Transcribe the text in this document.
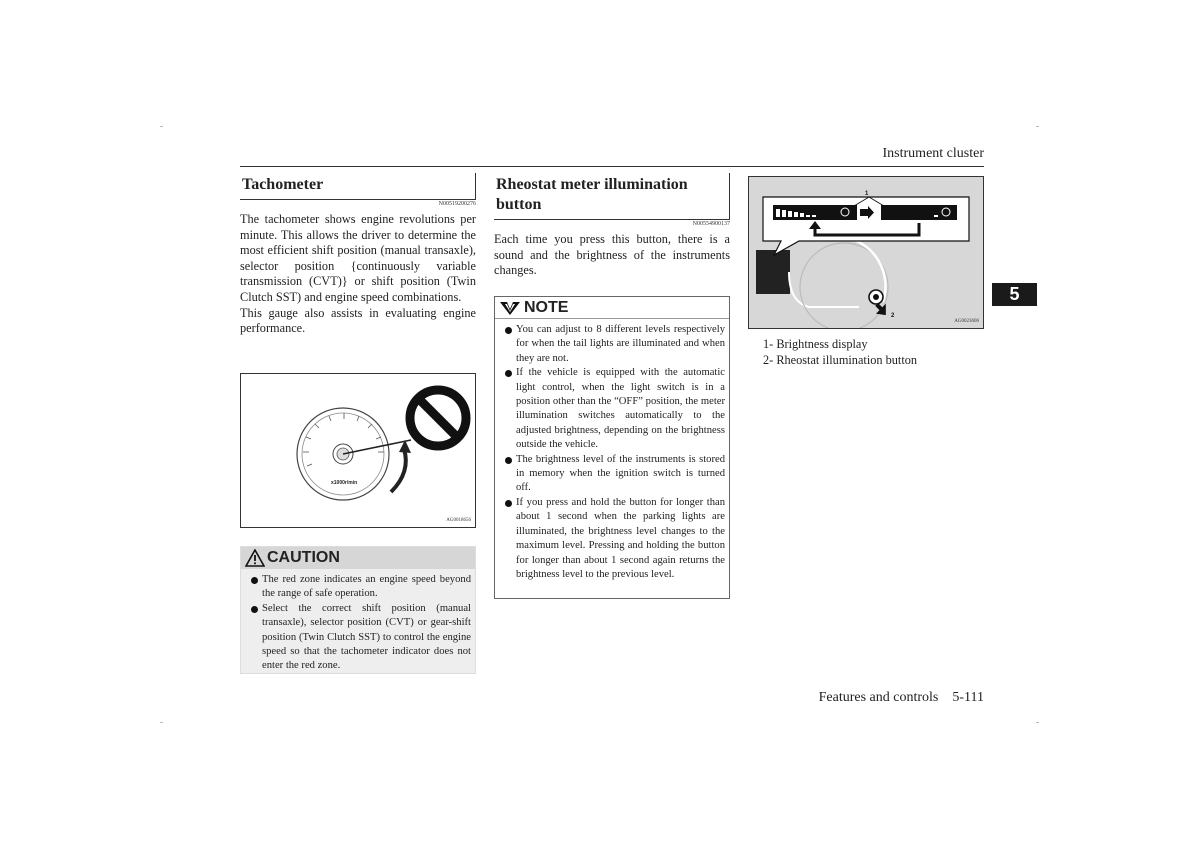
Instrument cluster
5
Tachometer
N00519200276

The tachometer shows engine revolutions per minute. This allows the driver to determine the most efficient shift position (manual transaxle), selector position {continuously variable transmission (CVT)} or shift position (Twin Clutch SST) and engine speed combinations.

This gauge also assists in evaluating engine performance.

x1000r/min
AG0018656
CAUTION
The red zone indicates an engine speed beyond the range of safe operation.
Select the correct shift position (manual transaxle), selector position (CVT) or gear-shift position (Twin Clutch SST) to control the engine speed so that the tachometer indicator does not enter the red zone.
Rheostat meter illumination button
N00554900137

Each time you press this button, there is a sound and the brightness of the instruments changes.

NOTE
You can adjust to 8 different levels respectively for when the tail lights are illuminated and when they are not.
If the vehicle is equipped with the automatic light control, when the light switch is in a position other than the “OFF” position, the meter illumination switches automatically to the adjusted brightness, depending on the brightness outside the vehicle.
The brightness level of the instruments is stored in memory when the ignition switch is turned off.
If you press and hold the button for longer than about 1 second when the parking lights are illuminated, the brightness level changes to the maximum level. Pressing and holding the button for longer than about 1 second again returns the brightness level to the previous level.
2
1
AG0023606
1- Brightness display
2- Rheostat illumination button
Features and controls 5-111
